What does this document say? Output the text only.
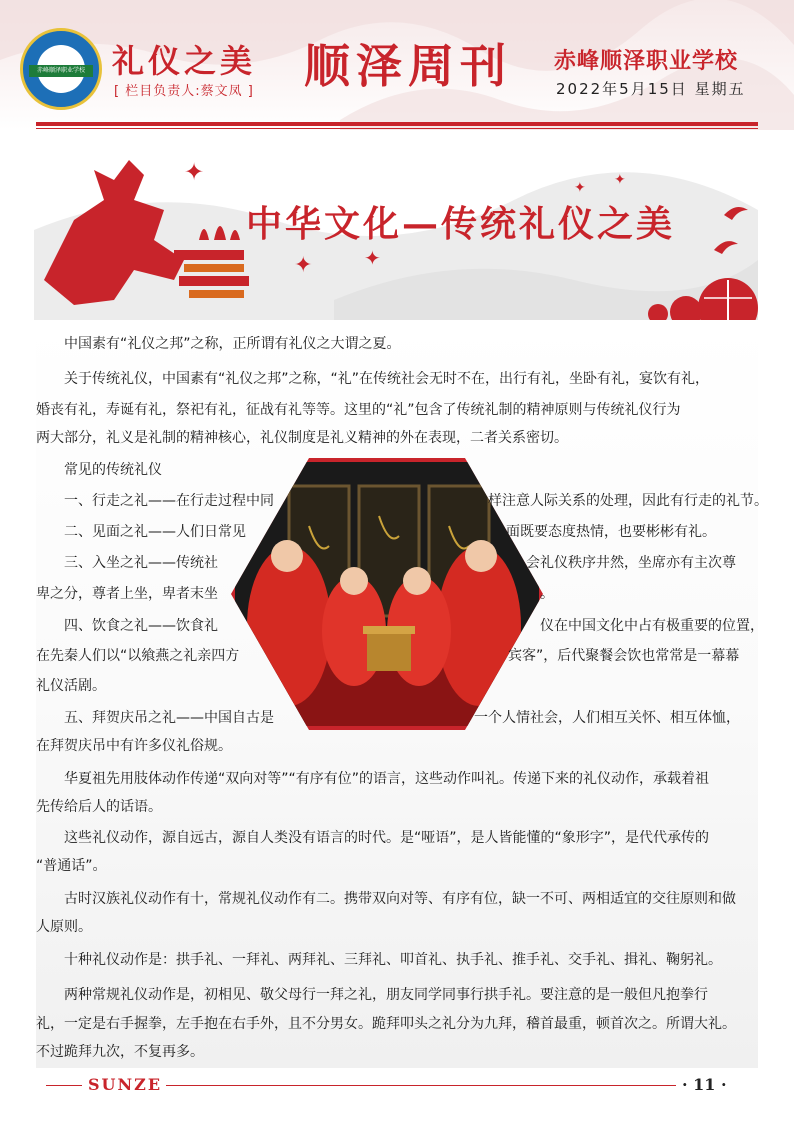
赤峰顺泽职业学校 礼仪之美
[ 栏目负责人:蔡文凤 ] 顺泽周刊 赤峰顺泽职业学校
2022年5月15日 星期五
✦
✦	✦
✦ ✦
中华文化—传统礼仪之美
中国素有“礼仪之邦”之称，正所谓有礼仪之大谓之夏。
关于传统礼仪，中国素有“礼仪之邦”之称，“礼”在传统社会无时不在，出行有礼，坐卧有礼，宴饮有礼，
婚丧有礼，寿诞有礼，祭祀有礼，征战有礼等等。这里的“礼”包含了传统礼制的精神原则与传统礼仪行为
两大部分，礼义是礼制的精神核心，礼仪制度是礼义精神的外在表现，二者关系密切。
常见的传统礼仪
一、行走之礼——在行走过程中同	样注意人际关系的处理，因此有行走的礼节。
二、见面之礼——人们日常见	面既要态度热情，也要彬彬有礼。
三、入坐之礼——传统社	会礼仪秩序井然，坐席亦有主次尊
卑之分，尊者上坐，卑者末坐	。
四、饮食之礼——饮食礼	仪在中国文化中占有极重要的位置，
在先秦人们以“以飨燕之礼亲四方	宾客”，后代聚餐会饮也常常是一幕幕
礼仪活剧。
五、拜贺庆吊之礼——中国自古是	一个人情社会，人们相互关怀、相互体恤，
在拜贺庆吊中有许多仪礼俗规。
华夏祖先用肢体动作传递“双向对等”“有序有位”的语言，这些动作叫礼。传递下来的礼仪动作，承载着祖
先传给后人的话语。
这些礼仪动作，源自远古，源自人类没有语言的时代。是“哑语”，是人皆能懂的“象形字”，是代代承传的
“普通话”。
古时汉族礼仪动作有十，常规礼仪动作有二。携带双向对等、有序有位，缺一不可、两相适宜的交往原则和做
人原则。
十种礼仪动作是：拱手礼、一拜礼、两拜礼、三拜礼、叩首礼、执手礼、推手礼、交手礼、揖礼、鞠躬礼。
两种常规礼仪动作是，初相见、敬父母行一拜之礼，朋友同学同事行拱手礼。要注意的是一般但凡抱拳行
礼，一定是右手握拳，左手抱在右手外，且不分男女。跪拜叩头之礼分为九拜，稽首最重，顿首次之。所谓大礼。
不过跪拜九次，不复再多。
SUNZE	· 11 ·
